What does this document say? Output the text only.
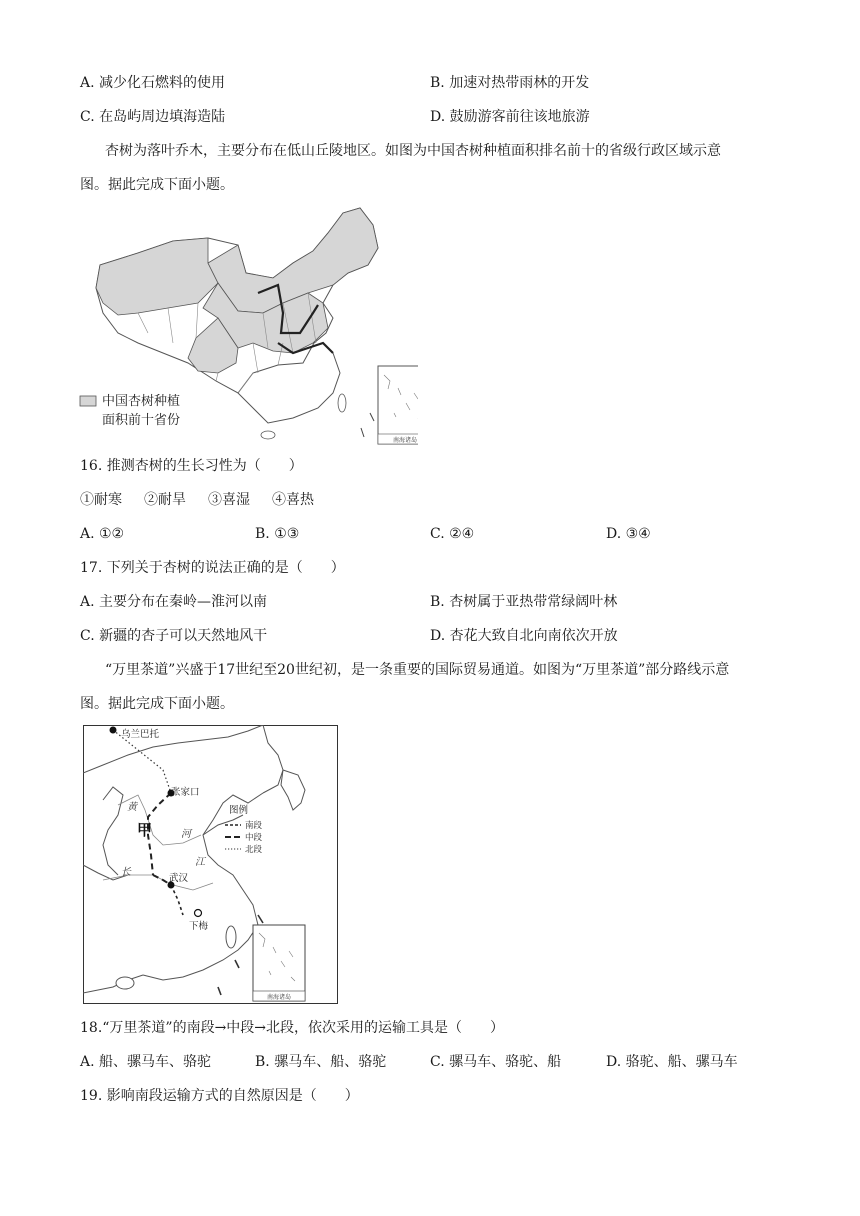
A. 减少化石燃料的使用	B. 加速对热带雨林的开发
C. 在岛屿周边填海造陆	D. 鼓励游客前往该地旅游
杏树为落叶乔木，主要分布在低山丘陵地区。如图为中国杏树种植面积排名前十的省级行政区域示意
图。据此完成下面小题。
南海诸岛
中国杏树种植
面积前十省份
16. 推测杏树的生长习性为（　　）
①耐寒 ②耐旱 ③喜湿 ④喜热
A. ①②	B. ①③	C. ②④	D. ③④
17. 下列关于杏树的说法正确的是（　　）
A. 主要分布在秦岭—淮河以南	B. 杏树属于亚热带常绿阔叶林
C. 新疆的杏子可以天然地风干	D. 杏花大致自北向南依次开放
“万里茶道”兴盛于17世纪至20世纪初，是一条重要的国际贸易通道。如图为“万里茶道”部分路线示意
图。据此完成下面小题。
乌兰巴托
张家口
武汉
下梅
黄
河
长
江
甲
图例
南段
中段
北段
南海诸岛
18.“万里茶道”的南段→中段→北段，依次采用的运输工具是（　　）
A. 船、骡马车、骆驼	B. 骡马车、船、骆驼	C. 骡马车、骆驼、船	D. 骆驼、船、骡马车
19. 影响南段运输方式的自然原因是（　　）
